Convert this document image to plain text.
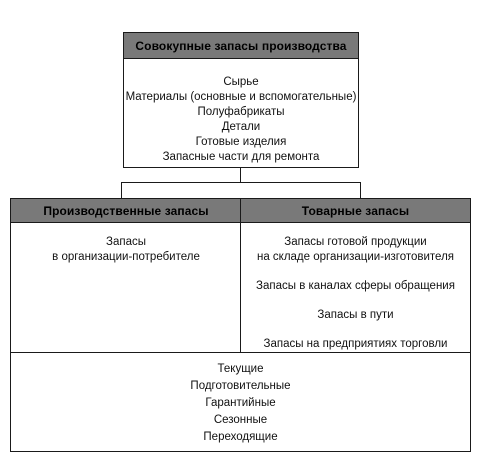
Совокупные запасы производства
Сырье
Материалы (основные и вспомогательные)
Полуфабрикаты
Детали
Готовые изделия
Запасные части для ремонта
Производственные запасы	Товарные запасы
Запасы
в организации-потребителе
Запасы готовой продукции
на складе организации-изготовителя
Запасы в каналах сферы обращения
Запасы в пути
Запасы на предприятиях торговли
Текущие
Подготовительные
Гарантийные
Сезонные
Переходящие
